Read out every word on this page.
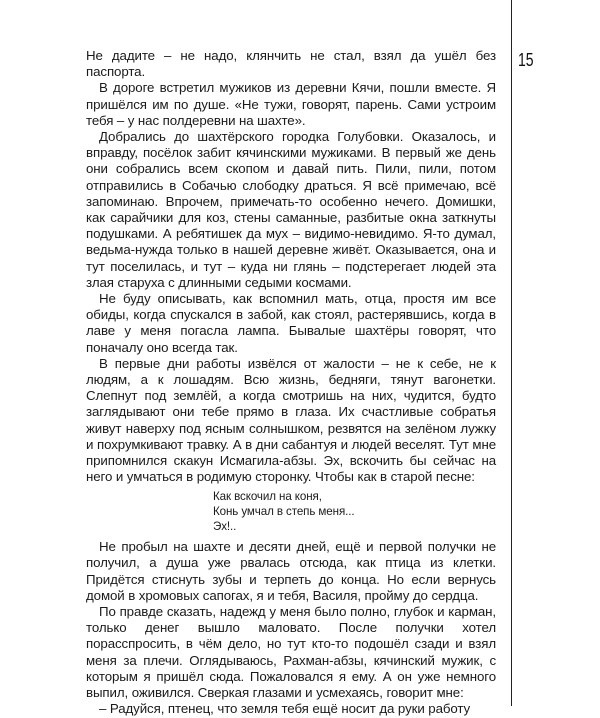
15

Не дадите – не надо, клянчить не стал, взял да ушёл без паспорта.

В дороге встретил мужиков из деревни Кячи, пошли вместе. Я пришёлся им по душе. «Не тужи, говорят, парень. Сами устроим тебя – у нас полдеревни на шахте».

Добрались до шахтёрского городка Голубовки. Оказалось, и вправду, посёлок забит кячинскими мужиками. В первый же день они собрались всем скопом и давай пить. Пили, пили, потом отправились в Собачью слободку драться. Я всё примечаю, всё запоминаю. Впрочем, примечать-то особенно нечего. Домишки, как сарайчики для коз, стены саманные, разбитые окна заткнуты подушками. А ребятишек да мух – видимо-невидимо. Я-то думал, ведьма-нужда только в нашей деревне живёт. Оказывается, она и тут поселилась, и тут – куда ни глянь – подстерегает людей эта злая старуха с длинными седыми космами.

Не буду описывать, как вспомнил мать, отца, простя им все обиды, когда спускался в забой, как стоял, растерявшись, когда в лаве у меня погасла лампа. Бывалые шахтёры говорят, что поначалу оно всегда так.

В первые дни работы извёлся от жалости – не к себе, не к людям, а к лошадям. Всю жизнь, бедняги, тянут вагонетки. Слепнут под землёй, а когда смотришь на них, чудится, будто заглядывают они тебе прямо в глаза. Их счастливые собратья живут наверху под ясным солнышком, резвятся на зелёном лужку и похрумкивают травку. А в дни сабантуя и людей веселят. Тут мне припомнился скакун Исмагила-абзы. Эх, вскочить бы сейчас на него и умчаться в родимую сторонку. Чтобы как в старой песне:

Как вскочил на коня,
Конь умчал в степь меня...
Эх!..

Не пробыл на шахте и десяти дней, ещё и первой получки не получил, а душа уже рвалась отсюда, как птица из клетки. Придётся стиснуть зубы и терпеть до конца. Но если вернусь домой в хромовых сапогах, я и тебя, Василя, пройму до сердца.

По правде сказать, надежд у меня было полно, глубок и карман, только денег вышло маловато. После получки хотел порасспросить, в чём дело, но тут кто-то подошёл сзади и взял меня за плечи. Оглядываюсь, Рахман-абзы, кячинский мужик, с которым я пришёл сюда. Пожаловался я ему. А он уже немного выпил, оживился. Сверкая глазами и усмехаясь, говорит мне:

– Радуйся, птенец, что земля тебя ещё носит да руки работу
